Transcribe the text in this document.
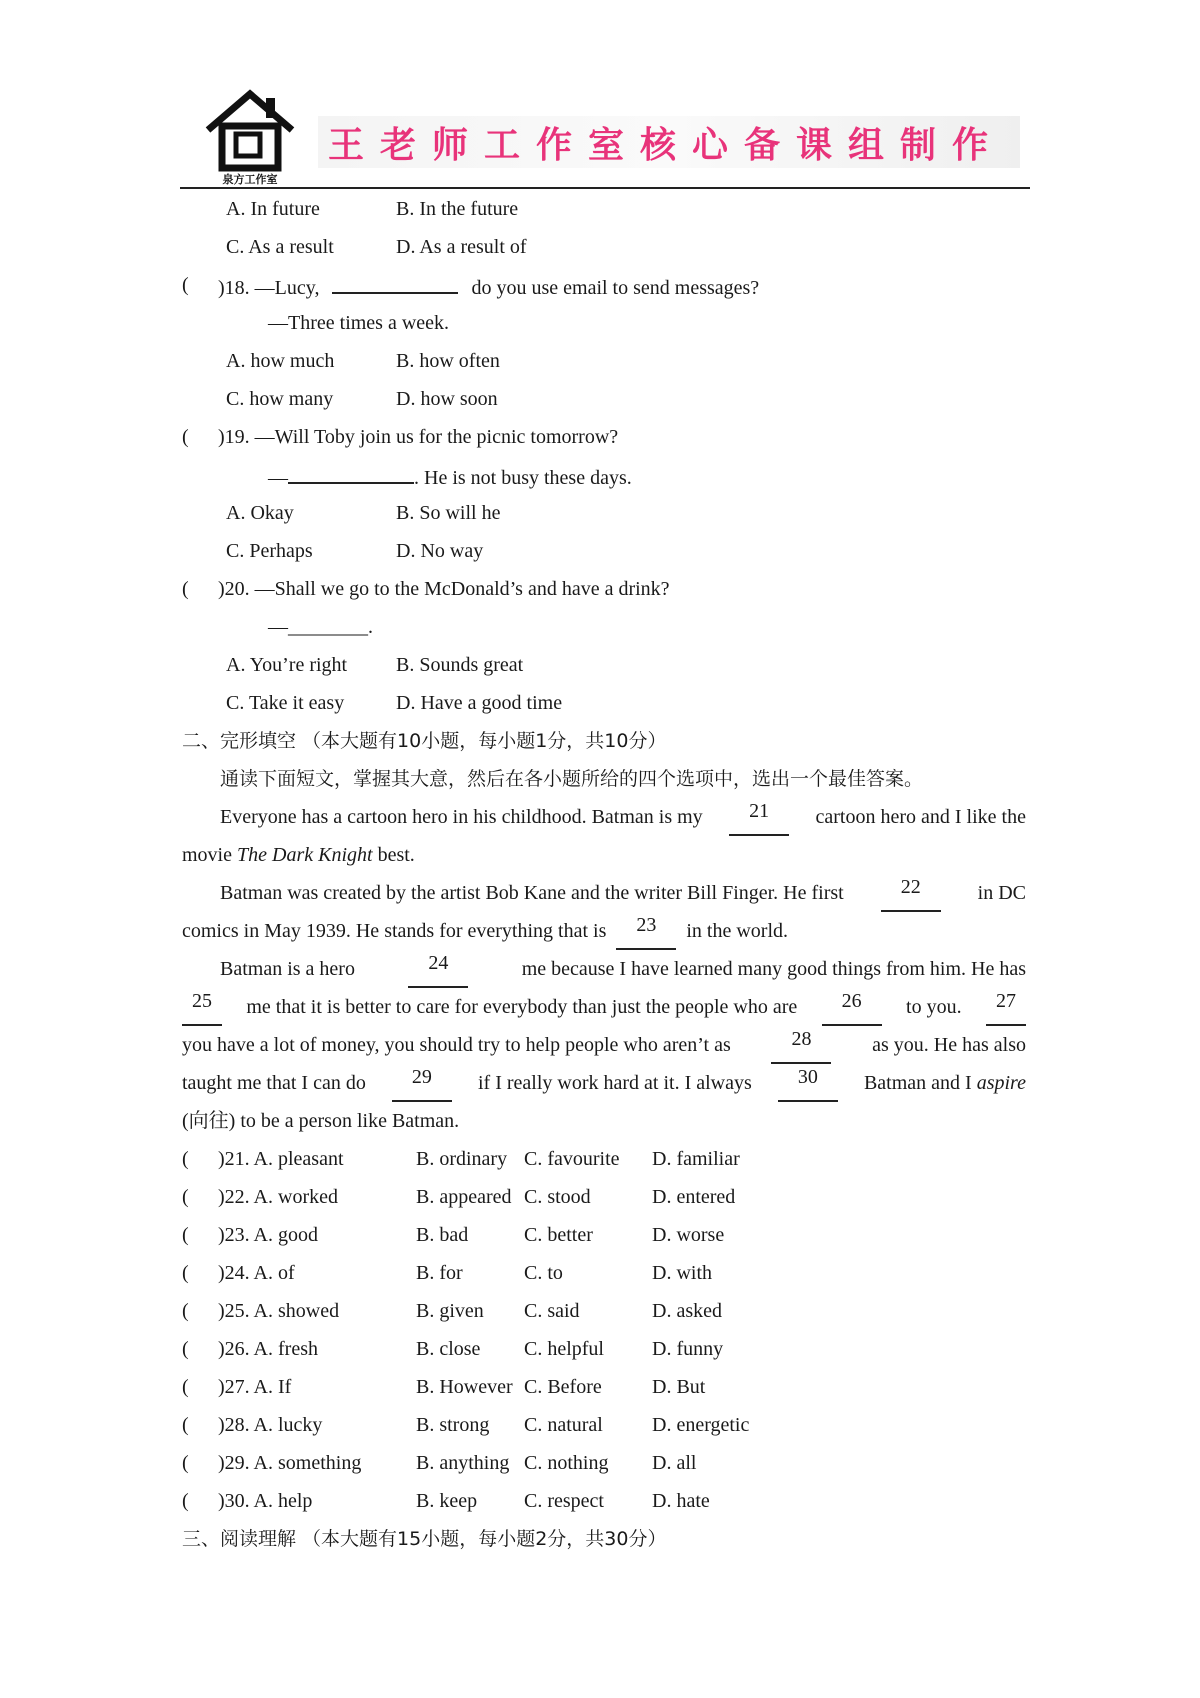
泉方工作室
王老师工作室核心备课组制作
A. In future	B. In the future
C. As a result	D. As a result of
( )18. —Lucy,	do you use email to send messages?
—Three times a week.
A. how much	B. how often
C. how many	D. how soon
( )19. —Will Toby join us for the picnic tomorrow?
—	. He is not busy these days.
A. Okay	B. So will he
C. Perhaps	D. No way
( )20. —Shall we go to the McDonald’s and have a drink?
—________.
A. You’re right B. Sounds great
C. Take it easy	D. Have a good time
二、完形填空 （本大题有10小题，每小题1分，共10分）
通读下面短文，掌握其大意，然后在各小题所给的四个选项中，选出一个最佳答案。
Everyone has a cartoon hero in his childhood. Batman is my	21	cartoon hero and I like the
movie
The Dark Knight
best.
Batman was created by the artist Bob Kane and the writer Bill Finger. He first	22	in DC
comics in May 1939. He stands for everything that is
	23
	in the world.
Batman is a hero	24	me because I have learned many good things from him. He has
25	me that it is better to care for everybody than just the people who are	26	to you.	27
you have a lot of money, you should try to help people who aren’t as	28	as you. He has also
taught me that I can do	29	if I really work hard at it. I always	30	Batman and I aspire
(向往) to be a person like Batman.
( )21. A. pleasant	B. ordinary C. favourite D. familiar
( )22. A. worked	B. appeared C. stood	D. entered
( )23. A. good	B. bad	C. better	D. worse
( )24. A. of	B. for	C. to	D. with
( )25. A. showed	B. given C. said	D. asked
( )26. A. fresh	B. close C. helpful D. funny
( )27. A. If	B. However C. Before	D. But
( )28. A. lucky	B. strong C. natural D. energetic
( )29. A. something	B. anything C. nothing D. all
( )30. A. help	B. keep C. respect D. hate
三、阅读理解 （本大题有15小题，每小题2分，共30分）
